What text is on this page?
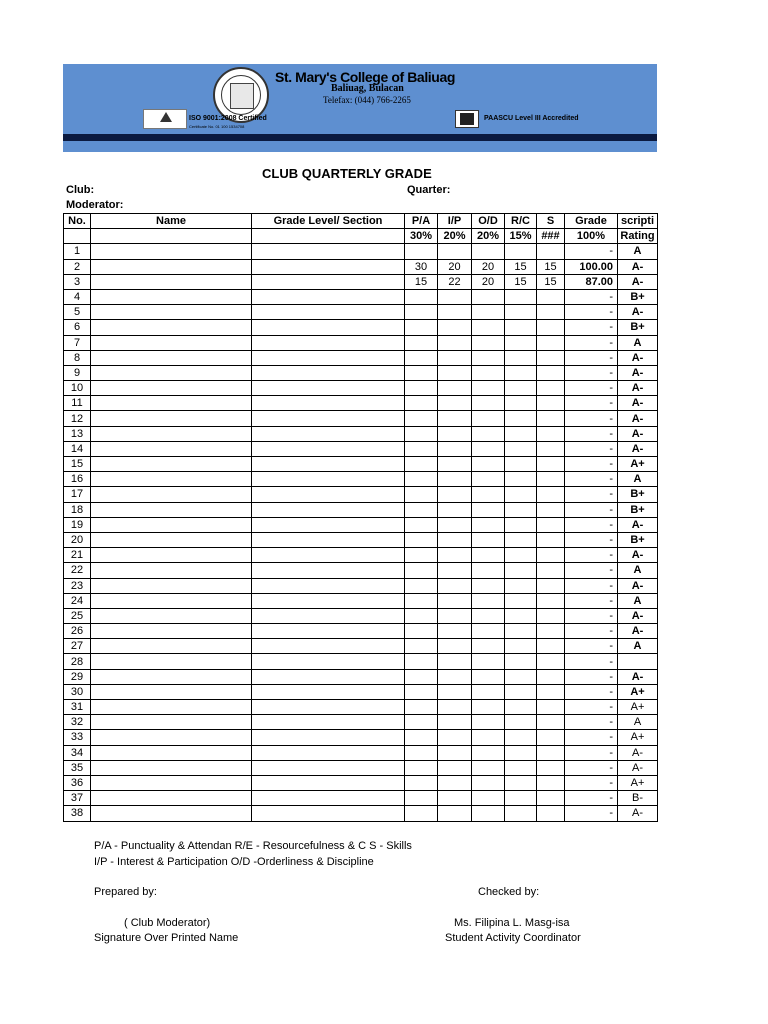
St. Mary's College of Baliuag
Baliuag, Bulacan
Telefax: (044) 766-2265
ISO 9001:2008 Certified
Certificate No. 01 100 1534708
PAASCU Level III Accredited
CLUB QUARTERLY GRADE
Club:	Quarter:
Moderator:
No.	Name	Grade Level/ Section	P/A	I/P	O/D	R/C	S	Grade	scripti
			30%	20%	20%	15%	###	100%	Rating
1								-	A
2			30	20	20	15	15	100.00	A-
3			15	22	20	15	15	87.00	A-
4								-	B+
5								-	A-
6								-	B+
7								-	A
8								-	A-
9								-	A-
10								-	A-
11								-	A-
12								-	A-
13								-	A-
14								-	A-
15								-	A+
16								-	A
17								-	B+
18								-	B+
19								-	A-
20								-	B+
21								-	A-
22								-	A
23								-	A-
24								-	A
25								-	A-
26								-	A-
27								-	A
28								-	
29								-	A-
30								-	A+
31								-	A+
32								-	A
33								-	A+
34								-	A-
35								-	A-
36								-	A+
37								-	B-
38								-	A-
P/A - Punctuality & Attendan R/E - Resourcefulness & C S - Skills
I/P - Interest & Participation O/D -Orderliness & Discipline
Prepared by:	Checked by:
( Club Moderator)
Signature Over Printed Name
Ms. Filipina L. Masg-isa
Student Activity Coordinator
